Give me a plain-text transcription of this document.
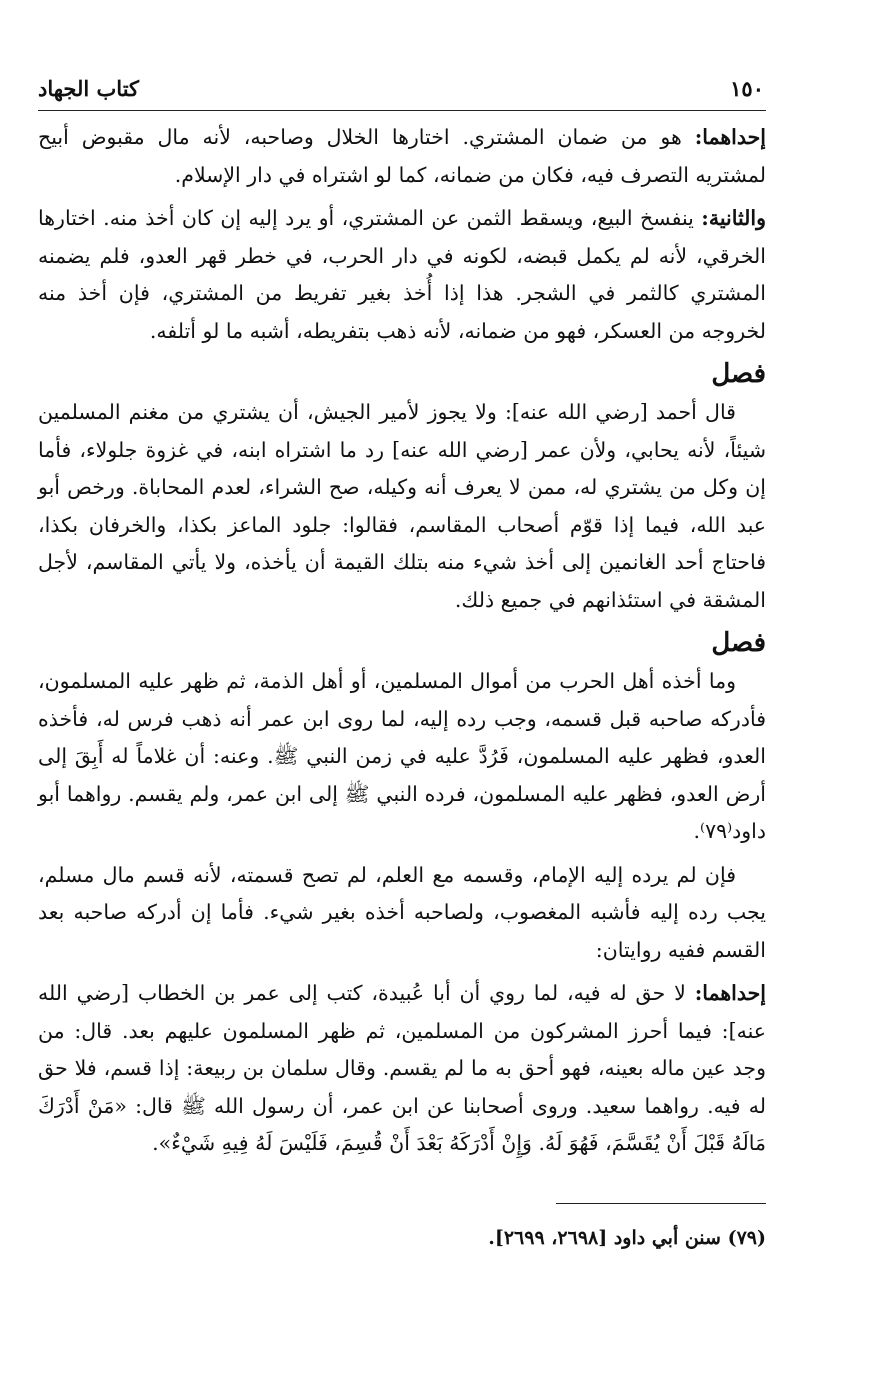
١٥٠
كتاب الجهاد

إحداهما: هو من ضمان المشتري. اختارها الخلال وصاحبه، لأنه مال مقبوض أبيح لمشتريه التصرف فيه، فكان من ضمانه، كما لو اشتراه في دار الإسلام.

والثانية: ينفسخ البيع، ويسقط الثمن عن المشتري، أو يرد إليه إن كان أخذ منه. اختارها الخرقي، لأنه لم يكمل قبضه، لكونه في دار الحرب، في خطر قهر العدو، فلم يضمنه المشتري كالثمر في الشجر. هذا إذا أُخذ بغير تفريط من المشتري، فإن أخذ منه لخروجه من العسكر، فهو من ضمانه، لأنه ذهب بتفريطه، أشبه ما لو أتلفه.

فصل

قال أحمد [رضي الله عنه]: ولا يجوز لأمير الجيش، أن يشتري من مغنم المسلمين شيئاً، لأنه يحابي، ولأن عمر [رضي الله عنه] رد ما اشتراه ابنه، في غزوة جلولاء، فأما إن وكل من يشتري له، ممن لا يعرف أنه وكيله، صح الشراء، لعدم المحاباة. ورخص أبو عبد الله، فيما إذا قوّم أصحاب المقاسم، فقالوا: جلود الماعز بكذا، والخرفان بكذا، فاحتاج أحد الغانمين إلى أخذ شيء منه بتلك القيمة أن يأخذه، ولا يأتي المقاسم، لأجل المشقة في استئذانهم في جميع ذلك.

فصل

وما أخذه أهل الحرب من أموال المسلمين، أو أهل الذمة، ثم ظهر عليه المسلمون، فأدركه صاحبه قبل قسمه، وجب رده إليه، لما روى ابن عمر أنه ذهب فرس له، فأخذه العدو، فظهر عليه المسلمون، فَرُدَّ عليه في زمن النبي ﷺ. وعنه: أن غلاماً له أَبِقَ إلى أرض العدو، فظهر عليه المسلمون، فرده النبي ﷺ إلى ابن عمر، ولم يقسم. رواهما أبو داود⁽٧٩⁾.

فإن لم يرده إليه الإمام، وقسمه مع العلم، لم تصح قسمته، لأنه قسم مال مسلم، يجب رده إليه فأشبه المغصوب، ولصاحبه أخذه بغير شيء. فأما إن أدركه صاحبه بعد القسم ففيه روايتان:

إحداهما: لا حق له فيه، لما روي أن أبا عُبيدة، كتب إلى عمر بن الخطاب [رضي الله عنه]: فيما أحرز المشركون من المسلمين، ثم ظهر المسلمون عليهم بعد. قال: من وجد عين ماله بعينه، فهو أحق به ما لم يقسم. وقال سلمان بن ربيعة: إذا قسم، فلا حق له فيه. رواهما سعيد. وروى أصحابنا عن ابن عمر، أن رسول الله ﷺ قال: «مَنْ أَدْرَكَ مَالَهُ قَبْلَ أَنْ يُقَسَّمَ، فَهُوَ لَهُ. وَإِنْ أَدْرَكَهُ بَعْدَ أَنْ قُسِمَ، فَلَيْسَ لَهُ فِيهِ شَيْءٌ».

(٧٩) سنن أبي داود [٢٦٩٨، ٢٦٩٩].
